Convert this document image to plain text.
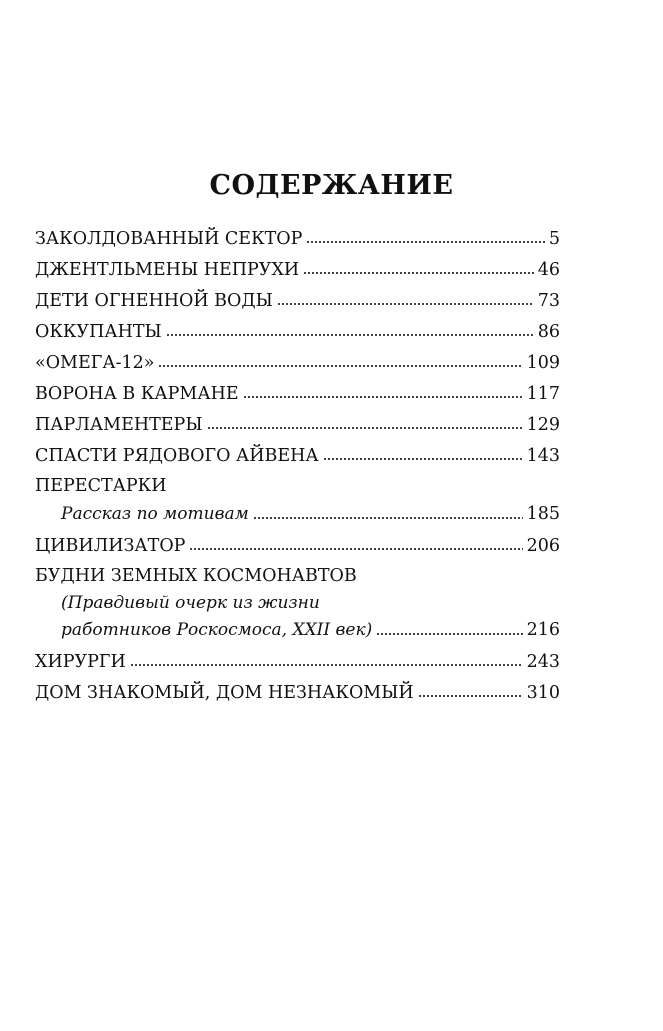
СОДЕРЖАНИЕ
ЗАКОЛДОВАННЫЙ СЕКТОР	5
ДЖЕНТЛЬМЕНЫ НЕПРУХИ	46
ДЕТИ ОГНЕННОЙ ВОДЫ	73
ОККУПАНТЫ	86
«ОМЕГА-12»	109
ВОРОНА В КАРМАНЕ	117
ПАРЛАМЕНТЕРЫ	129
СПАСТИ РЯДОВОГО АЙВЕНА	143
ПЕРЕСТАРКИ
Рассказ по мотивам	185
ЦИВИЛИЗАТОР	206
БУДНИ ЗЕМНЫХ КОСМОНАВТОВ
(Правдивый очерк из жизни
работников Роскосмоса, XXII век)	216
ХИРУРГИ	243
ДОМ ЗНАКОМЫЙ, ДОМ НЕЗНАКОМЫЙ	310
